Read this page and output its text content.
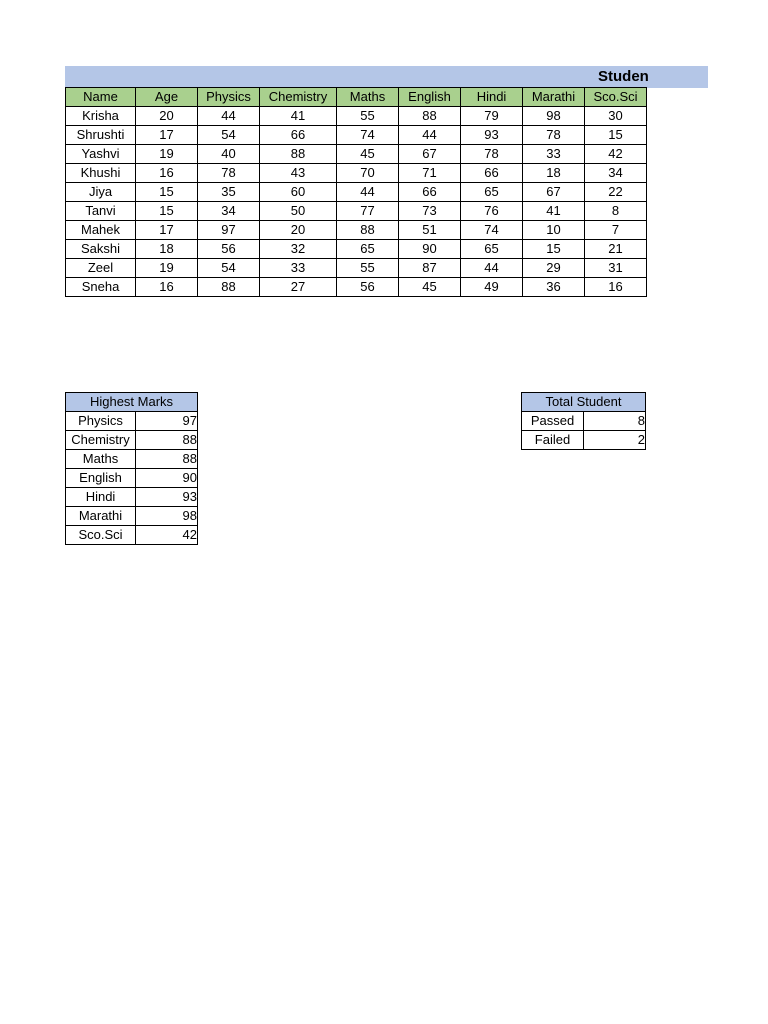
Studen
Name	Age	Physics	Chemistry	Maths	English	Hindi	Marathi	Sco.Sci
Krisha	20	44	41	55	88	79	98	30
Shrushti	17	54	66	74	44	93	78	15
Yashvi	19	40	88	45	67	78	33	42
Khushi	16	78	43	70	71	66	18	34
Jiya	15	35	60	44	66	65	67	22
Tanvi	15	34	50	77	73	76	41	8
Mahek	17	97	20	88	51	74	10	7
Sakshi	18	56	32	65	90	65	15	21
Zeel	19	54	33	55	87	44	29	31
Sneha	16	88	27	56	45	49	36	16
Highest Marks	
Physics	97
Chemistry	88
Maths	88
English	90
Hindi	93
Marathi	98
Sco.Sci	42
Total Student	
Passed	8
Failed	2
